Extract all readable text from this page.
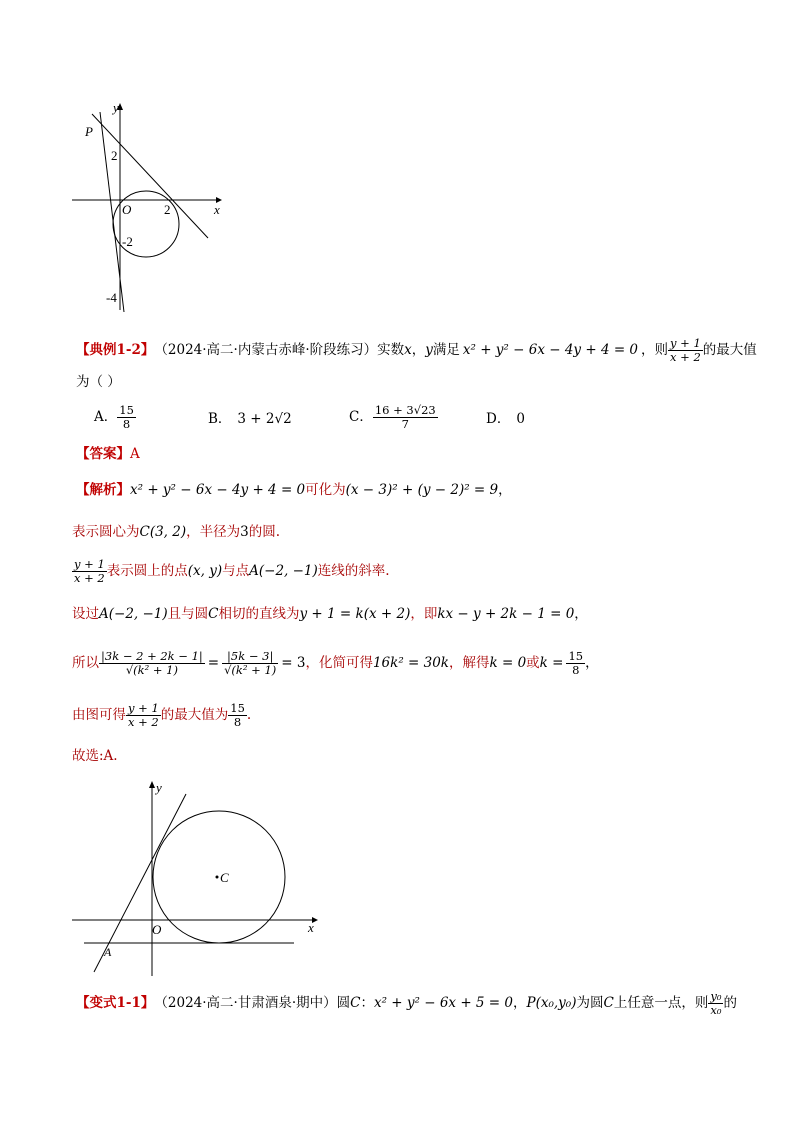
y
x
P
O
2
2
-2
-4
【典例1-2】 （2024·高二·内蒙古赤峰·阶段练习） 实数 x ， y 满足 x² + y² − 6x − 4y + 4 = 0 ，则 $\frac{y + 1}{x + 2}$ 的最大值
为（ ）
A． $\frac{15}{8}$	B． 3 + 2√2	C． $\frac{16 + 3√23}{7}$	D． 0
【答案】A
【解析】 x² + y² − 6x − 4y + 4 = 0 可化为 (x − 3)² + (y − 2)² = 9 ，
表示圆心为 C(3, 2) ，半径为 3 的圆.
$\frac{y + 1}{x + 2}$ 表示圆上的点 (x, y) 与点 A(−2, −1) 连线的斜率.
设过 A(−2, −1) 且与圆 C 相切的直线为 y + 1 = k(x + 2) ，即 kx − y + 2k − 1 = 0 ，
所以 $\frac{|3k - 2 + 2k - 1|}{\text{√(k² + 1)}} = \frac{|5k - 3|}{\text{√(k² + 1)}} = 3$ ，化简可得 16k² = 30k ，解得 k = 0 或 $k = \frac{15}{8}$ ，
由图可得 $\frac{y + 1}{x + 2}$ 的最大值为 $\frac{15}{8}$ .
故选:A.
y
x
O
C
A
【变式1-1】 （2024·高二·甘肃酒泉·期中） 圆 C ： x² + y² − 6x + 5 = 0 ， P(x₀,y₀) 为圆 C 上任意一点，则 $\frac{\text{y₀}}{\text{x₀}}$ 的
